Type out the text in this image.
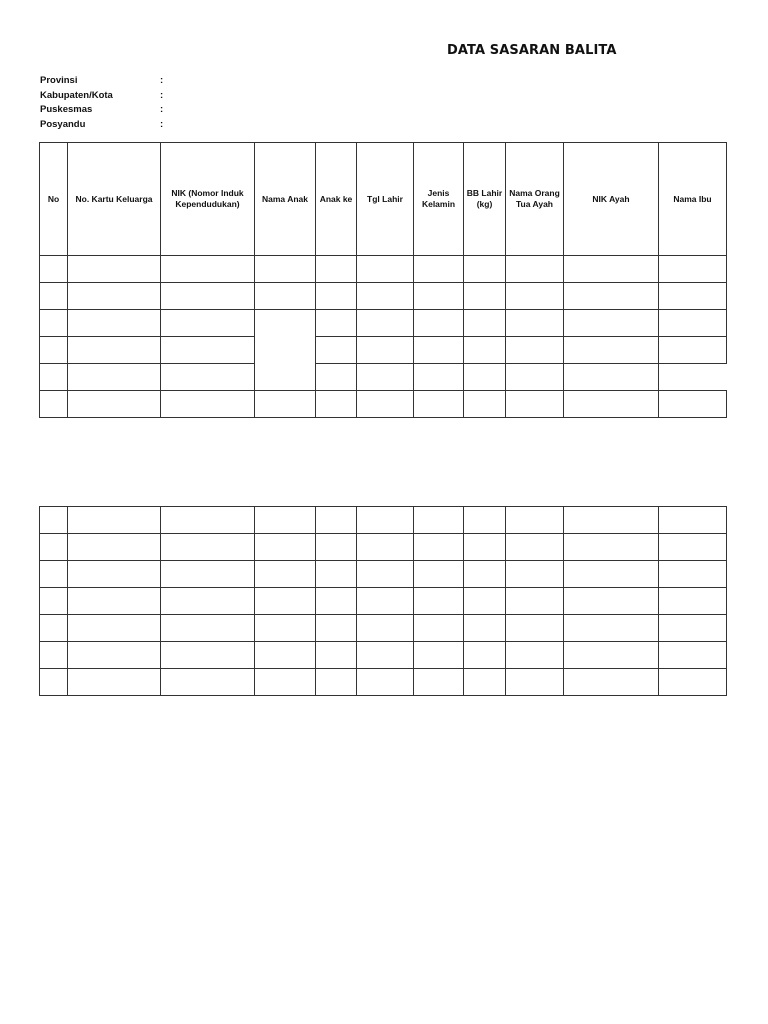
DATA SASARAN BALITA
Provinsi	:
Kabupaten/Kota	:
Puskesmas	:
Posyandu	:
No	No. Kartu Keluarga	NIK (Nomor Induk Kependudukan)	Nama Anak	Anak ke	Tgl Lahir	Jenis Kelamin	BB Lahir (kg)	Nama Orang Tua Ayah	NIK Ayah	Nama Ibu
